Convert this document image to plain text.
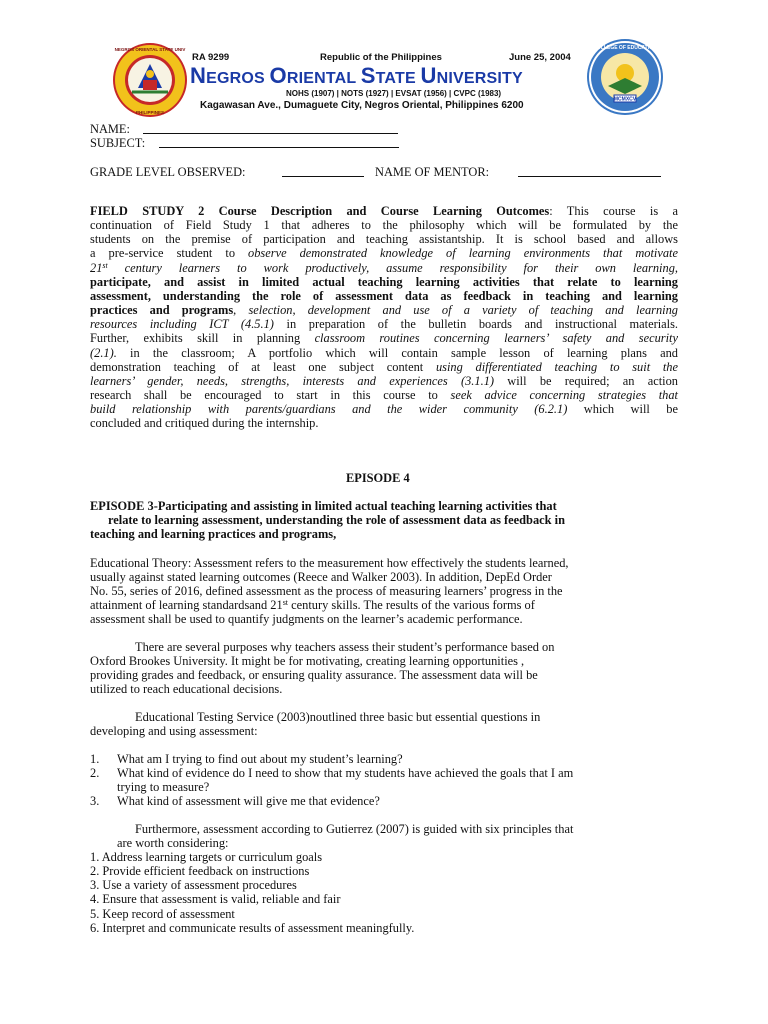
NEGROS ORIENTAL STATE UNIV
PHILIPPINES
RA 9299	Republic of the Philippines	June 25, 2004
NEGROS ORIENTAL STATE UNIVERSITY
NOHS (1907) | NOTS (1927) | EVSAT (1956) | CVPC (1983)
Kagawasan Ave., Dumaguete City, Negros Oriental, Philippines 6200
MCMXCV
COLLEGE OF EDUCATION
NAME:
SUBJECT:
GRADE LEVEL OBSERVED:	NAME OF MENTOR:

FIELD STUDY 2 Course Description and Course Learning Outcomes: This course is a

continuation of Field Study 1 that adheres to the philosophy which will be formulated by the

students on the premise of participation and teaching assistantship. It is school based and allows

a pre-service student to observe demonstrated knowledge of learning environments that motivate

21st century learners to work productively, assume responsibility for their own learning,

participate, and assist in limited actual teaching learning activities that relate to learning

assessment, understanding the role of assessment data as feedback in teaching and learning

practices and programs, selection, development and use of a variety of teaching and learning

resources including ICT (4.5.1) in preparation of the bulletin boards and instructional materials.

Further, exhibits skill in planning classroom routines concerning learners’ safety and security

(2.1). in the classroom; A portfolio which will contain sample lesson of learning plans and

demonstration teaching of at least one subject content using differentiated teaching to suit the

learners’ gender, needs, strengths, interests and experiences (3.1.1) will be required; an action

research shall be encouraged to start in this course to seek advice concerning strategies that

build relationship with parents/guardians and the wider community (6.2.1) which will be

concluded and critiqued during the internship.

EPISODE 4
EPISODE 3-Participating and assisting in limited actual teaching learning activities that
relate to learning assessment, understanding the role of assessment data as feedback in
teaching and learning practices and programs,
Educational Theory: Assessment refers to the measurement how effectively the students learned,
usually against stated learning outcomes (Reece and Walker 2003). In addition, DepEd Order
No. 55, series of 2016, defined assessment as the process of measuring learners’ progress in the
attainment of learning standardsand 21st century skills. The results of the various forms of
assessment shall be used to quantify judgments on the learner’s academic performance.
There are several purposes why teachers assess their student’s performance based on
Oxford Brookes University. It might be for motivating, creating learning opportunities ,
providing grades and feedback, or ensuring quality assurance. The assessment data will be
utilized to reach educational decisions.
Educational Testing Service (2003)noutlined three basic but essential questions in
developing and using assessment:
1. What am I trying to find out about my student’s learning?
2. What kind of evidence do I need to show that my students have achieved the goals that I am
trying to measure?
3. What kind of assessment will give me that evidence?
Furthermore, assessment according to Gutierrez (2007) is guided with six principles that
are worth considering:
1. Address learning targets or curriculum goals
2. Provide efficient feedback on instructions
3. Use a variety of assessment procedures
4. Ensure that assessment is valid, reliable and fair
5. Keep record of assessment
6. Interpret and communicate results of assessment meaningfully.
